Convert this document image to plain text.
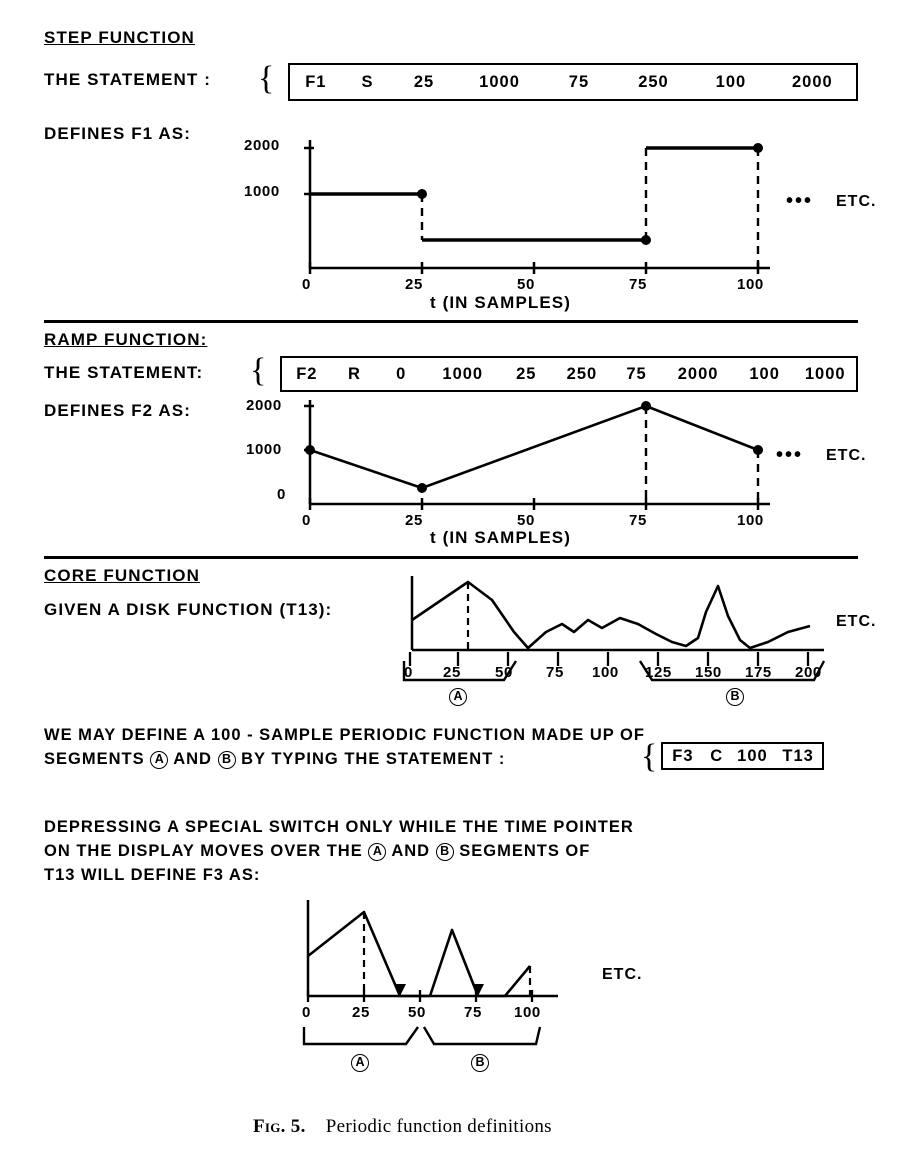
STEP FUNCTION
THE STATEMENT : {	F1	S	25	1000	75	250	100	2000
DEFINES F1 AS:
2000
1000
0	25	50	75	100
••• ETC.
t (IN SAMPLES)
RAMP FUNCTION:
THE STATEMENT: {	F2	R	0	1000	25	250	75	2000	100	1000
DEFINES F2 AS:	2000
1000
0
0	25	50	75	100
••• ETC.
t (IN SAMPLES)
CORE FUNCTION
GIVEN A DISK FUNCTION (T13):
ETC.
0 25 50 75 100 125 150 175 200
A	B
WE MAY DEFINE A 100 - SAMPLE PERIODIC FUNCTION MADE UP OF
SEGMENTS A AND B BY TYPING THE STATEMENT :	{ F3	C 100 T13
DEPRESSING A SPECIAL SWITCH ONLY WHILE THE TIME POINTER
ON THE DISPLAY MOVES OVER THE A AND B SEGMENTS OF
T13 WILL DEFINE F3 AS:
ETC.
0	25	50	75 100
A	B
Fig. 5. Periodic function definitions
